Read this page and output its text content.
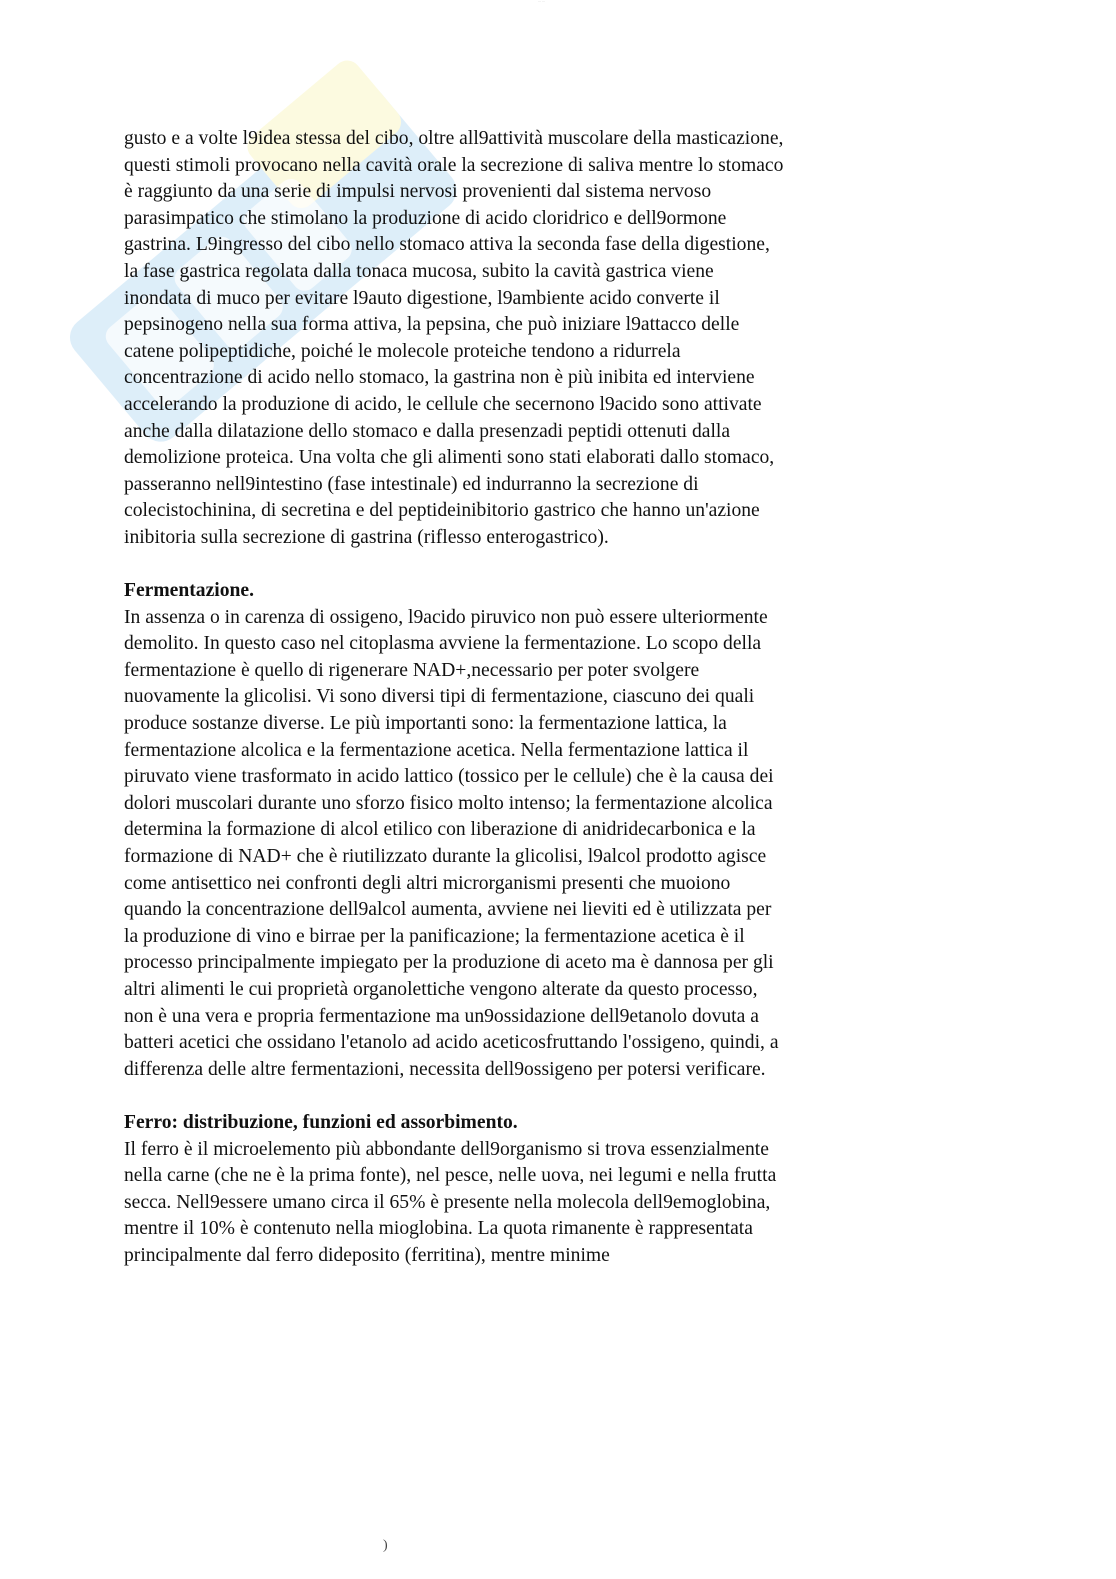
··· ···

gusto e a volte l9idea stessa del cibo, oltre all9attività muscolare della masticazione, questi stimoli provocano nella cavità orale la secrezione di saliva mentre lo stomaco è raggiunto da una serie di impulsi nervosi provenienti dal sistema nervoso parasimpatico che stimolano la produzione di acido cloridrico e dell9ormone gastrina. L9ingresso del cibo nello stomaco attiva la seconda fase della digestione, la fase gastrica regolata dalla tonaca mucosa, subito la cavità gastrica viene inondata di muco per evitare l9auto digestione, l9ambiente acido converte il pepsinogeno nella sua forma attiva, la pepsina, che può iniziare l9attacco delle catene polipeptidiche, poiché le molecole proteiche tendono a ridurrela concentrazione di acido nello stomaco, la gastrina non è più inibita ed interviene accelerando la produzione di acido, le cellule che secernono l9acido sono attivate anche dalla dilatazione dello stomaco e dalla presenzadi peptidi ottenuti dalla demolizione proteica. Una volta che gli alimenti sono stati elaborati dallo stomaco, passeranno nell9intestino (fase intestinale) ed indurranno la secrezione di colecistochinina, di secretina e del peptideinibitorio gastrico che hanno un'azione inibitoria sulla secrezione di gastrina (riflesso enterogastrico).

Fermentazione.

In assenza o in carenza di ossigeno, l9acido piruvico non può essere ulteriormente demolito. In questo caso nel citoplasma avviene la fermentazione. Lo scopo della fermentazione è quello di rigenerare NAD+,necessario per poter svolgere nuovamente la glicolisi. Vi sono diversi tipi di fermentazione, ciascuno dei quali produce sostanze diverse. Le più importanti sono: la fermentazione lattica, la fermentazione alcolica e la fermentazione acetica. Nella fermentazione lattica il piruvato viene trasformato in acido lattico (tossico per le cellule) che è la causa dei dolori muscolari durante uno sforzo fisico molto intenso; la fermentazione alcolica determina la formazione di alcol etilico con liberazione di anidridecarbonica e la formazione di NAD+ che è riutilizzato durante la glicolisi, l9alcol prodotto agisce come antisettico nei confronti degli altri microrganismi presenti che muoiono quando la concentrazione dell9alcol aumenta, avviene nei lieviti ed è utilizzata per la produzione di vino e birrae per la panificazione; la fermentazione acetica è il processo principalmente impiegato per la produzione di aceto ma è dannosa per gli altri alimenti le cui proprietà organolettiche vengono alterate da questo processo, non è una vera e propria fermentazione ma un9ossidazione dell9etanolo dovuta a batteri acetici che ossidano l'etanolo ad acido aceticosfruttando l'ossigeno, quindi, a differenza delle altre fermentazioni, necessita dell9ossigeno per potersi verificare.

Ferro: distribuzione, funzioni ed assorbimento.

Il ferro è il microelemento più abbondante dell9organismo si trova essenzialmente nella carne (che ne è la prima fonte), nel pesce, nelle uova, nei legumi e nella frutta secca. Nell9essere umano circa il 65% è presente nella molecola dell9emoglobina, mentre il 10% è contenuto nella mioglobina. La quota rimanente è rappresentata principalmente dal ferro dideposito (ferritina), mentre minime

)
